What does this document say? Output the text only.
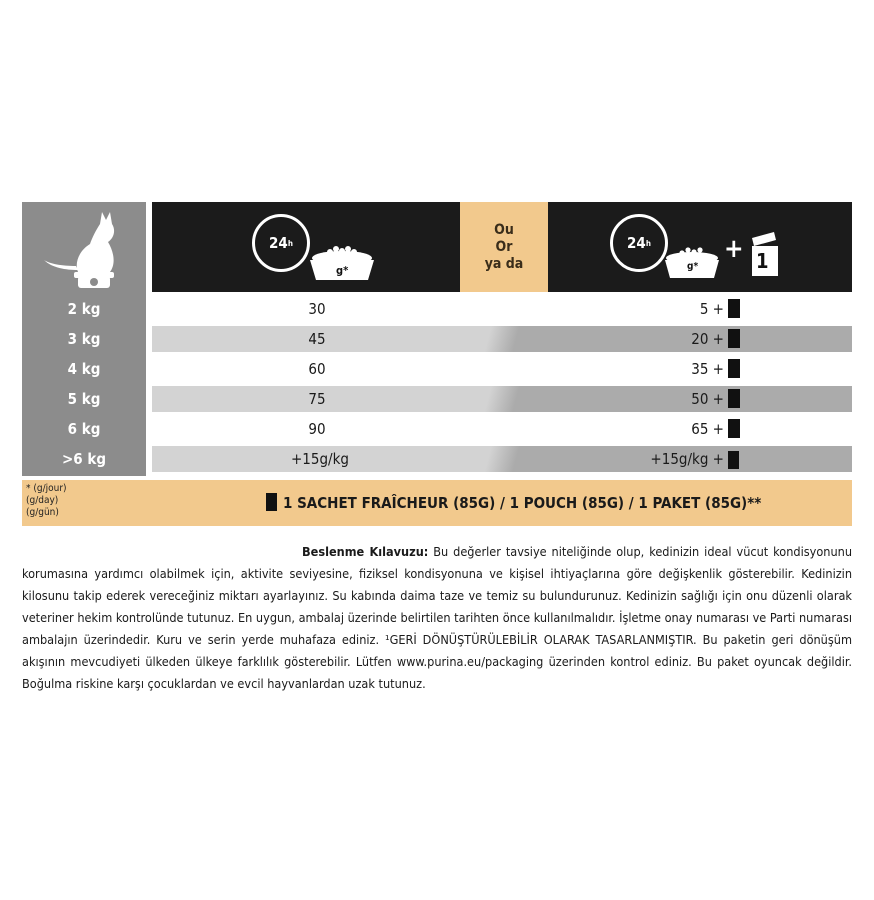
24 h
g*
Ou
Or
ya da
24 h
g*
+ 1
2 kg	30	5 +
3 kg	45	20 +
4 kg	60	35 +
5 kg	75	50 +
6 kg	90	65 +
>6 kg	+15g/kg	+15g/kg +
* (g/jour)
(g/day)
(g/gün)
1 SACHET FRAÎCHEUR (85G) / 1 POUCH (85G) / 1 PAKET (85G)**
Beslenme Kılavuzu: Bu değerler tavsiye niteliğinde olup, kedinizin ideal vücut kondisyonunu korumasına yardımcı olabilmek için, aktivite seviyesine, fiziksel kondisyonuna ve kişisel ihtiyaçlarına göre değişkenlik gösterebilir. Kedinizin kilosunu takip ederek vereceğiniz miktarı ayarlayınız. Su kabında daima taze ve temiz su bulundurunuz. Kedinizin sağlığı için onu düzenli olarak veteriner hekim kontrolünde tutunuz. En uygun, ambalaj üzerinde belirtilen tarihten önce kullanılmalıdır. İşletme onay numarası ve Parti numarası ambalajın üzerindedir. Kuru ve serin yerde muhafaza ediniz. ¹GERİ DÖNÜŞTÜRÜLEBİLİR OLARAK TASARLANMIŞTIR. Bu paketin geri dönüşüm akışının mevcudiyeti ülkeden ülkeye farklılık gösterebilir. Lütfen www.purina.eu/packaging üzerinden kontrol ediniz. Bu paket oyuncak değildir. Boğulma riskine karşı çocuklardan ve evcil hayvanlardan uzak tutunuz.
